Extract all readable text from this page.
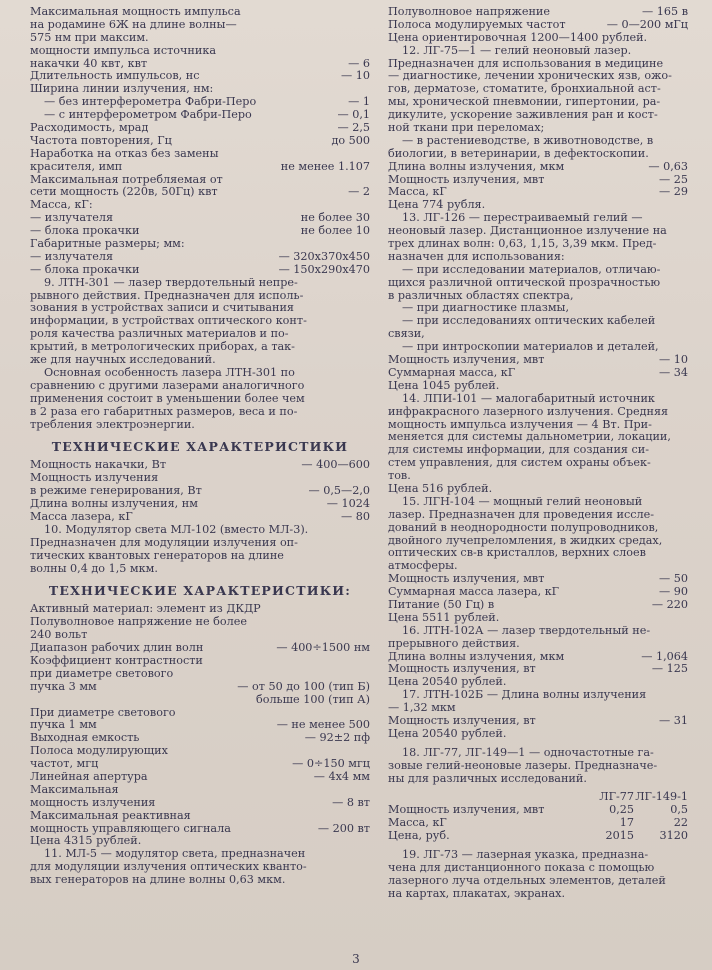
Максимальная мощность импульса
на родамине 6Ж на длине волны—
575 нм при максим.
мощности импульса источника
накачки 40 квт, квт	— 6
Длительность импульсов, нс	— 10
Ширина линии излучения, нм:
— без интерферометра Фабри-Перо	— 1
— с интерферометром Фабри-Перо	— 0,1
Расходимость, мрад	— 2,5
Частота повторения, Гц	до 500
Наработка на отказ без замены
красителя, имп	не менее 1.107
Максимальная потребляемая от
сети мощность (220в, 50Гц) квт	— 2
Масса, кГ:
— излучателя	не более 30
— блока прокачки	не более 10
Габаритные размеры; мм:
— излучателя	— 320x370x450
— блока прокачки	— 150x290x470
9. ЛТН-301 — лазер твердотельный непре-
рывного действия. Предназначен для исполь-
зования в устройствах записи и считывания
информации, в устройствах оптического конт-
роля качества различных материалов и по-
крытий, в метрологических приборах, а так-
же для научных исследований.
Основная особенность лазера ЛТН-301 по
сравнению с другими лазерами аналогичного
применения состоит в уменьшении более чем
в 2 раза его габаритных размеров, веса и по-
требления электроэнергии.
ТЕХНИЧЕСКИЕ ХАРАКТЕРИСТИКИ
Мощность накачки, Вт	— 400—600
Мощность излучения
в режиме генерирования, Вт	— 0,5—2,0
Длина волны излучения, нм	— 1024
Масса лазера, кГ	— 80
10. Модулятор света МЛ-102 (вместо МЛ-3).
Предназначен для модуляции излучения оп-
тических квантовых генераторов на длине
волны 0,4 до 1,5 мкм.
ТЕХНИЧЕСКИЕ ХАРАКТЕРИСТИКИ:
Активный материал: элемент из ДКДР
Полуволновое напряжение не более
240 вольт
Диапазон рабочих длин волн	— 400÷1500 нм
Коэффициент контрастности
при диаметре светового
пучка 3 мм	— от 50 до 100 (тип Б)
больше 100 (тип А)
При диаметре светового
пучка 1 мм	— не менее 500
Выходная емкость	— 92±2 пф
Полоса модулирующих
частот, мгц	— 0÷150 мгц
Линейная апертура	— 4x4 мм
Максимальная
мощность излучения	— 8 вт
Максимальная реактивная
мощность управляющего сигнала	— 200 вт
Цена 4315 рублей.
11. МЛ-5 — модулятор света, предназначен
для модуляции излучения оптических кванто-
вых генераторов на длине волны 0,63 мкм.
Полуволновое напряжение	— 165 в
Полоса модулируемых частот	— 0—200 мГц
Цена ориентировочная 1200—1400 рублей.
12. ЛГ-75—1 — гелий неоновый лазер.
Предназначен для использования в медицине
— диагностике, лечении хронических язв, ожо-
гов, дерматозе, стоматите, бронхиальной аст-
мы, хронической пневмонии, гипертонии, ра-
дикулите, ускорение заживления ран и кост-
ной ткани при переломах;
— в растениеводстве, в животноводстве, в
биологии, в ветеринарии, в дефектоскопии.
Длина волны излучения, мкм	— 0,63
Мощность излучения, мвт	— 25
Масса, кГ	— 29
Цена 774 рубля.
13. ЛГ-126 — перестраиваемый гелий —
неоновый лазер. Дистанционное излучение на
трех длинах волн: 0,63, 1,15, 3,39 мкм. Пред-
назначен для использования:
— при исследовании материалов, отличаю-
щихся различной оптической прозрачностью
в различных областях спектра,
— при диагностике плазмы,
— при исследованиях оптических кабелей
связи,
— при интроскопии материалов и деталей,
Мощность излучения, мвт	— 10
Суммарная масса, кГ	— 34
Цена 1045 рублей.
14. ЛПИ-101 — малогабаритный источник
инфракрасного лазерного излучения. Средняя
мощность импульса излучения — 4 Вт. При-
меняется для системы дальнометрии, локации,
для системы информации, для создания си-
стем управления, для систем охраны объек-
тов.
Цена 516 рублей.
15. ЛГН-104 — мощный гелий неоновый
лазер. Предназначен для проведения иссле-
дований в неоднородности полупроводников,
двойного лучепреломления, в жидких средах,
оптических св-в кристаллов, верхних слоев
атмосферы.
Мощность излучения, мвт	— 50
Суммарная масса лазера, кГ	— 90
Питание (50 Гц) в	— 220
Цена 5511 рублей.
16. ЛТН-102А — лазер твердотельный не-
прерывного действия.
Длина волны излучения, мкм	— 1,064
Мощность излучения, вт	— 125
Цена 20540 рублей.
17. ЛТН-102Б — Длина волны излучения
— 1,32 мкм
Мощность излучения, вт	— 31
Цена 20540 рублей.
18. ЛГ-77, ЛГ-149—1 — одночастотные га-
зовые гелий-неоновые лазеры. Предназначе-
ны для различных исследований.
ЛГ-77 ЛГ-149-1
Мощность излучения, мвт	0,25	0,5
Масса, кГ	17	22
Цена, руб.	2015	3120
19. ЛГ-73 — лазерная указка, предназна-
чена для дистанционного показа с помощью
лазерного луча отдельных элементов, деталей
на картах, плакатах, экранах.
3
